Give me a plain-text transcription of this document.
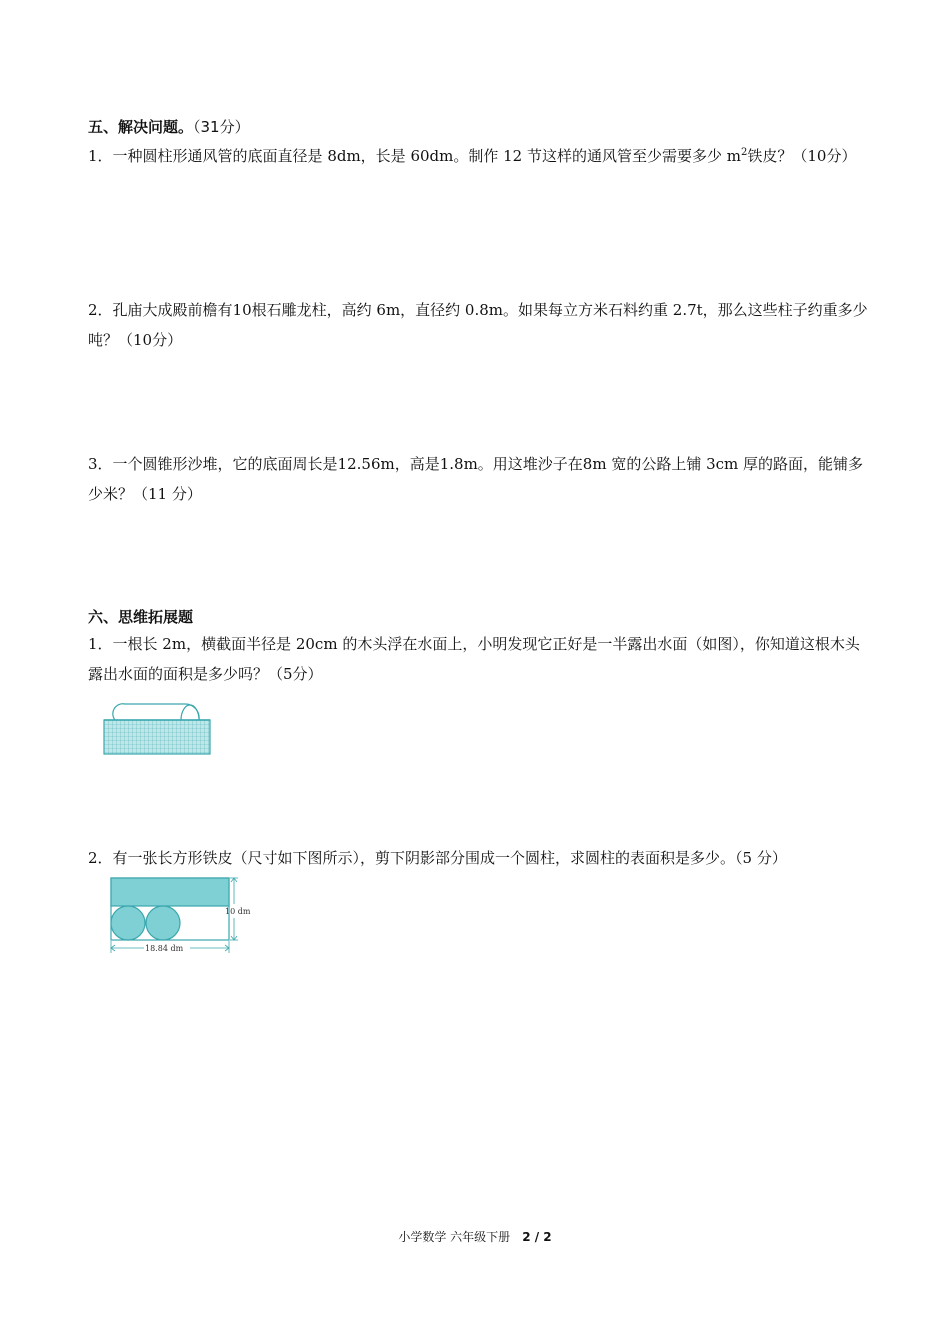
五、解决问题。（31分）
1．一种圆柱形通风管的底面直径是 8dm，长是 60dm。制作 12 节这样的通风管至少需要多少 $m^2$铁皮？（10分）
2．孔庙大成殿前檐有10根石雕龙柱，高约 6m，直径约 0.8m。如果每立方米石料约重 2.7t，那么这些柱子约重多少吨？（10分）
3．一个圆锥形沙堆，它的底面周长是12.56m，高是1.8m。用这堆沙子在8m 宽的公路上铺 3cm 厚的路面，能铺多少米？（11 分）
六、思维拓展题
1．一根长 2m，横截面半径是 20cm 的木头浮在水面上，小明发现它正好是一半露出水面（如图），你知道这根木头露出水面的面积是多少吗？（5分）
2．有一张长方形铁皮（尺寸如下图所示），剪下阴影部分围成一个圆柱，求圆柱的表面积是多少。（5 分）
10 dm
18.84 dm
小学数学 六年级下册 2 / 2
